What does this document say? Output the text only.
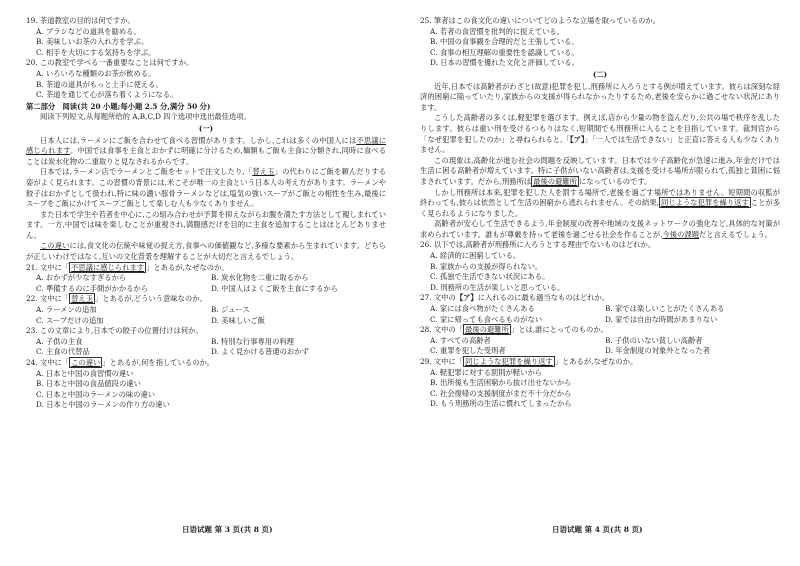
19. 茶道教室の目的は何ですか。

A. ブラシなどの道具を勧める。

B. 美味しいお茶の入れ方を学ぶ。

C. 相手を大切にする気持ちを学ぶ。

20. この教室で学べる一番重要なことは何ですか。

A. いろいろな種類のお茶が飲める。

B. 茶道の道具がもっと上手に使える。

C. 茶道を通じて心が落ち着くようになる。

第二部分　阅读(共 20 小题;每小题 2.5 分,满分 50 分)

阅读下列短文,从每题所给的 A,B,C,D 四个选项中选出最佳选项。

(一)

日本人には,ラーメンにご飯を合わせて食べる習慣があります。しかし,これは多くの中国人には不思議に感じられます。中国では食事を主食とおかずに明確に分けるため,麺類もご飯も主食に分類され,同時に食べることは炭水化物の二重取りと見なされるからです。

日本では,ラーメン店でラーメンとご飯をセットで注文したり,「替え玉」の代わりにご飯を頼んだりする姿がよく見られます。この習慣の背景には,米こそが唯一の主食という日本人の考え方があります。ラーメンや餃子はおかずとして扱われ,特に味の濃い豚骨ラーメンなどは,塩気の強いスープがご飯との相性を生み,最後にスープをご飯にかけてスープご飯として楽しむ人も少なくありません。

また日本で学生や若者を中心に,この組み合わせが予算を抑えながらお腹を満たす方法として親しまれています。一方,中国では味を楽しむことが重視され,満腹感だけを目的に主食を追加することはほとんどありません。

この違いには,食文化の伝統や味覚の捉え方,食事への価値観など,多様な要素から生まれています。どちらが正しいわけではなく,互いの文化背景を理解することが大切だと言えるでしょう。

21. 文中に「 不思議に感じられます 」とあるが,なぜなのか。

A. おかずが少なすぎるから	B. 炭水化物を二重に取るから
C. 準備するのに手間がかかるから	D. 中国人はよくご飯を主食にするから

22. 文中に「 替え玉 」とあるが,どういう意味なのか。

A. ラーメンの追加	B. ジュース
C. スープだけの追加	D. 美味しいご飯

23. この文章により,日本での餃子の位置付けは何か。

A. 子供の主食	B. 特別な行事専用の料理
C. 主食の代替品	D. よく見かける普通のおかず

24. 文中に「 この違い 」とあるが,何を指しているのか。

A. 日本と中国の食習慣の違い

B. 日本と中国の食品値段の違い

C. 日本と中国のラーメンの味の違い

D. 日本と中国のラーメンの作り方の違い

25. 筆者はこの食文化の違いについてどのような立場を取っているのか。

A. 若者の食習慣を批判的に捉えている。

B. 中国の食事観を合理的だと主張している。

C. 食事の相互理解の重要性を認識している。

D. 日本の習慣を優れた文化と評価している。

(二)

近年,日本では高齢者がわざと(故意)犯罪を犯し,刑務所に入ろうとする例が増えています。彼らは深刻な経済的困窮に陥っていたり,家族からの支援が得られなかったりするため,老後を安らかに過ごせない状況にあります。

こうした高齢者の多くは,軽犯罪を選びます。例えば,店から少量の物を盗んだり,公共の場で秩序を乱したりします。彼らは重い刑を受けるつもりはなく,短期間でも刑務所に入ることを目指しています。裁判官から「なぜ犯罪を犯したのか」と尋ねられると,「【ア】」「一人では生活できない」と正直に答える人も少なくありません。

この現象は,高齢化が進む社会の問題を反映しています。日本では少子高齢化が急速に進み,年金だけでは生活に困る高齢者が増えています。特に子供がいない高齢者は,支援を受ける場所が限られて,孤独と貧困に悩まされています。だから,刑務所は 最後の避難所 になっているのです。

しかし刑務所は本来,犯罪を犯した人を罰する場所で,老後を過ごす場所ではありません。短期間の収監が終わっても,彼らは依然として生活の困窮から逃れられません。その結果, 同じような犯罪を繰り返す ことが多く見られるようになりました。

高齢者が安心して生活できるよう,年金制度の改善や地域の支援ネットワークの強化など,具体的な対策が求められています。誰もが尊厳を持って老後を過ごせる社会を作ることが,今後の課題だと言えるでしょう。

26. 以下では,高齢者が刑務所に入ろうとする理由でないものはどれか。

A. 経済的に困窮している。

B. 家族からの支援が得られない。

C. 孤独で生活できない状況にある。

D. 刑務所の生活が楽しいと思っている。

27. 文中の【ア】に入れるのに最も適当なものはどれか。

A. 家には食べ物がたくさんある	B. 家では楽しいことがたくさんある
C. 家に帰っても食べるものがない	D. 家では自由な時間があまりない

28. 文中の「 最後の避難所 」とは,誰にとってのものか。

A. すべての高齢者	B. 子供のいない貧しい高齢者
C. 重罪を犯した受刑者	D. 年金制度の対象外となった者

29. 文中に「 同じような犯罪を繰り返す 」とあるが,なぜなのか。

A. 軽犯罪に対する罰則が軽いから

B. 出所後も生活困窮から抜け出せないから

C. 社会復帰の支援制度がまだ不十分だから

D. もう刑務所の生活に慣れてしまったから

日语试题 第 3 页(共 8 页)	日语试题 第 4 页(共 8 页)
